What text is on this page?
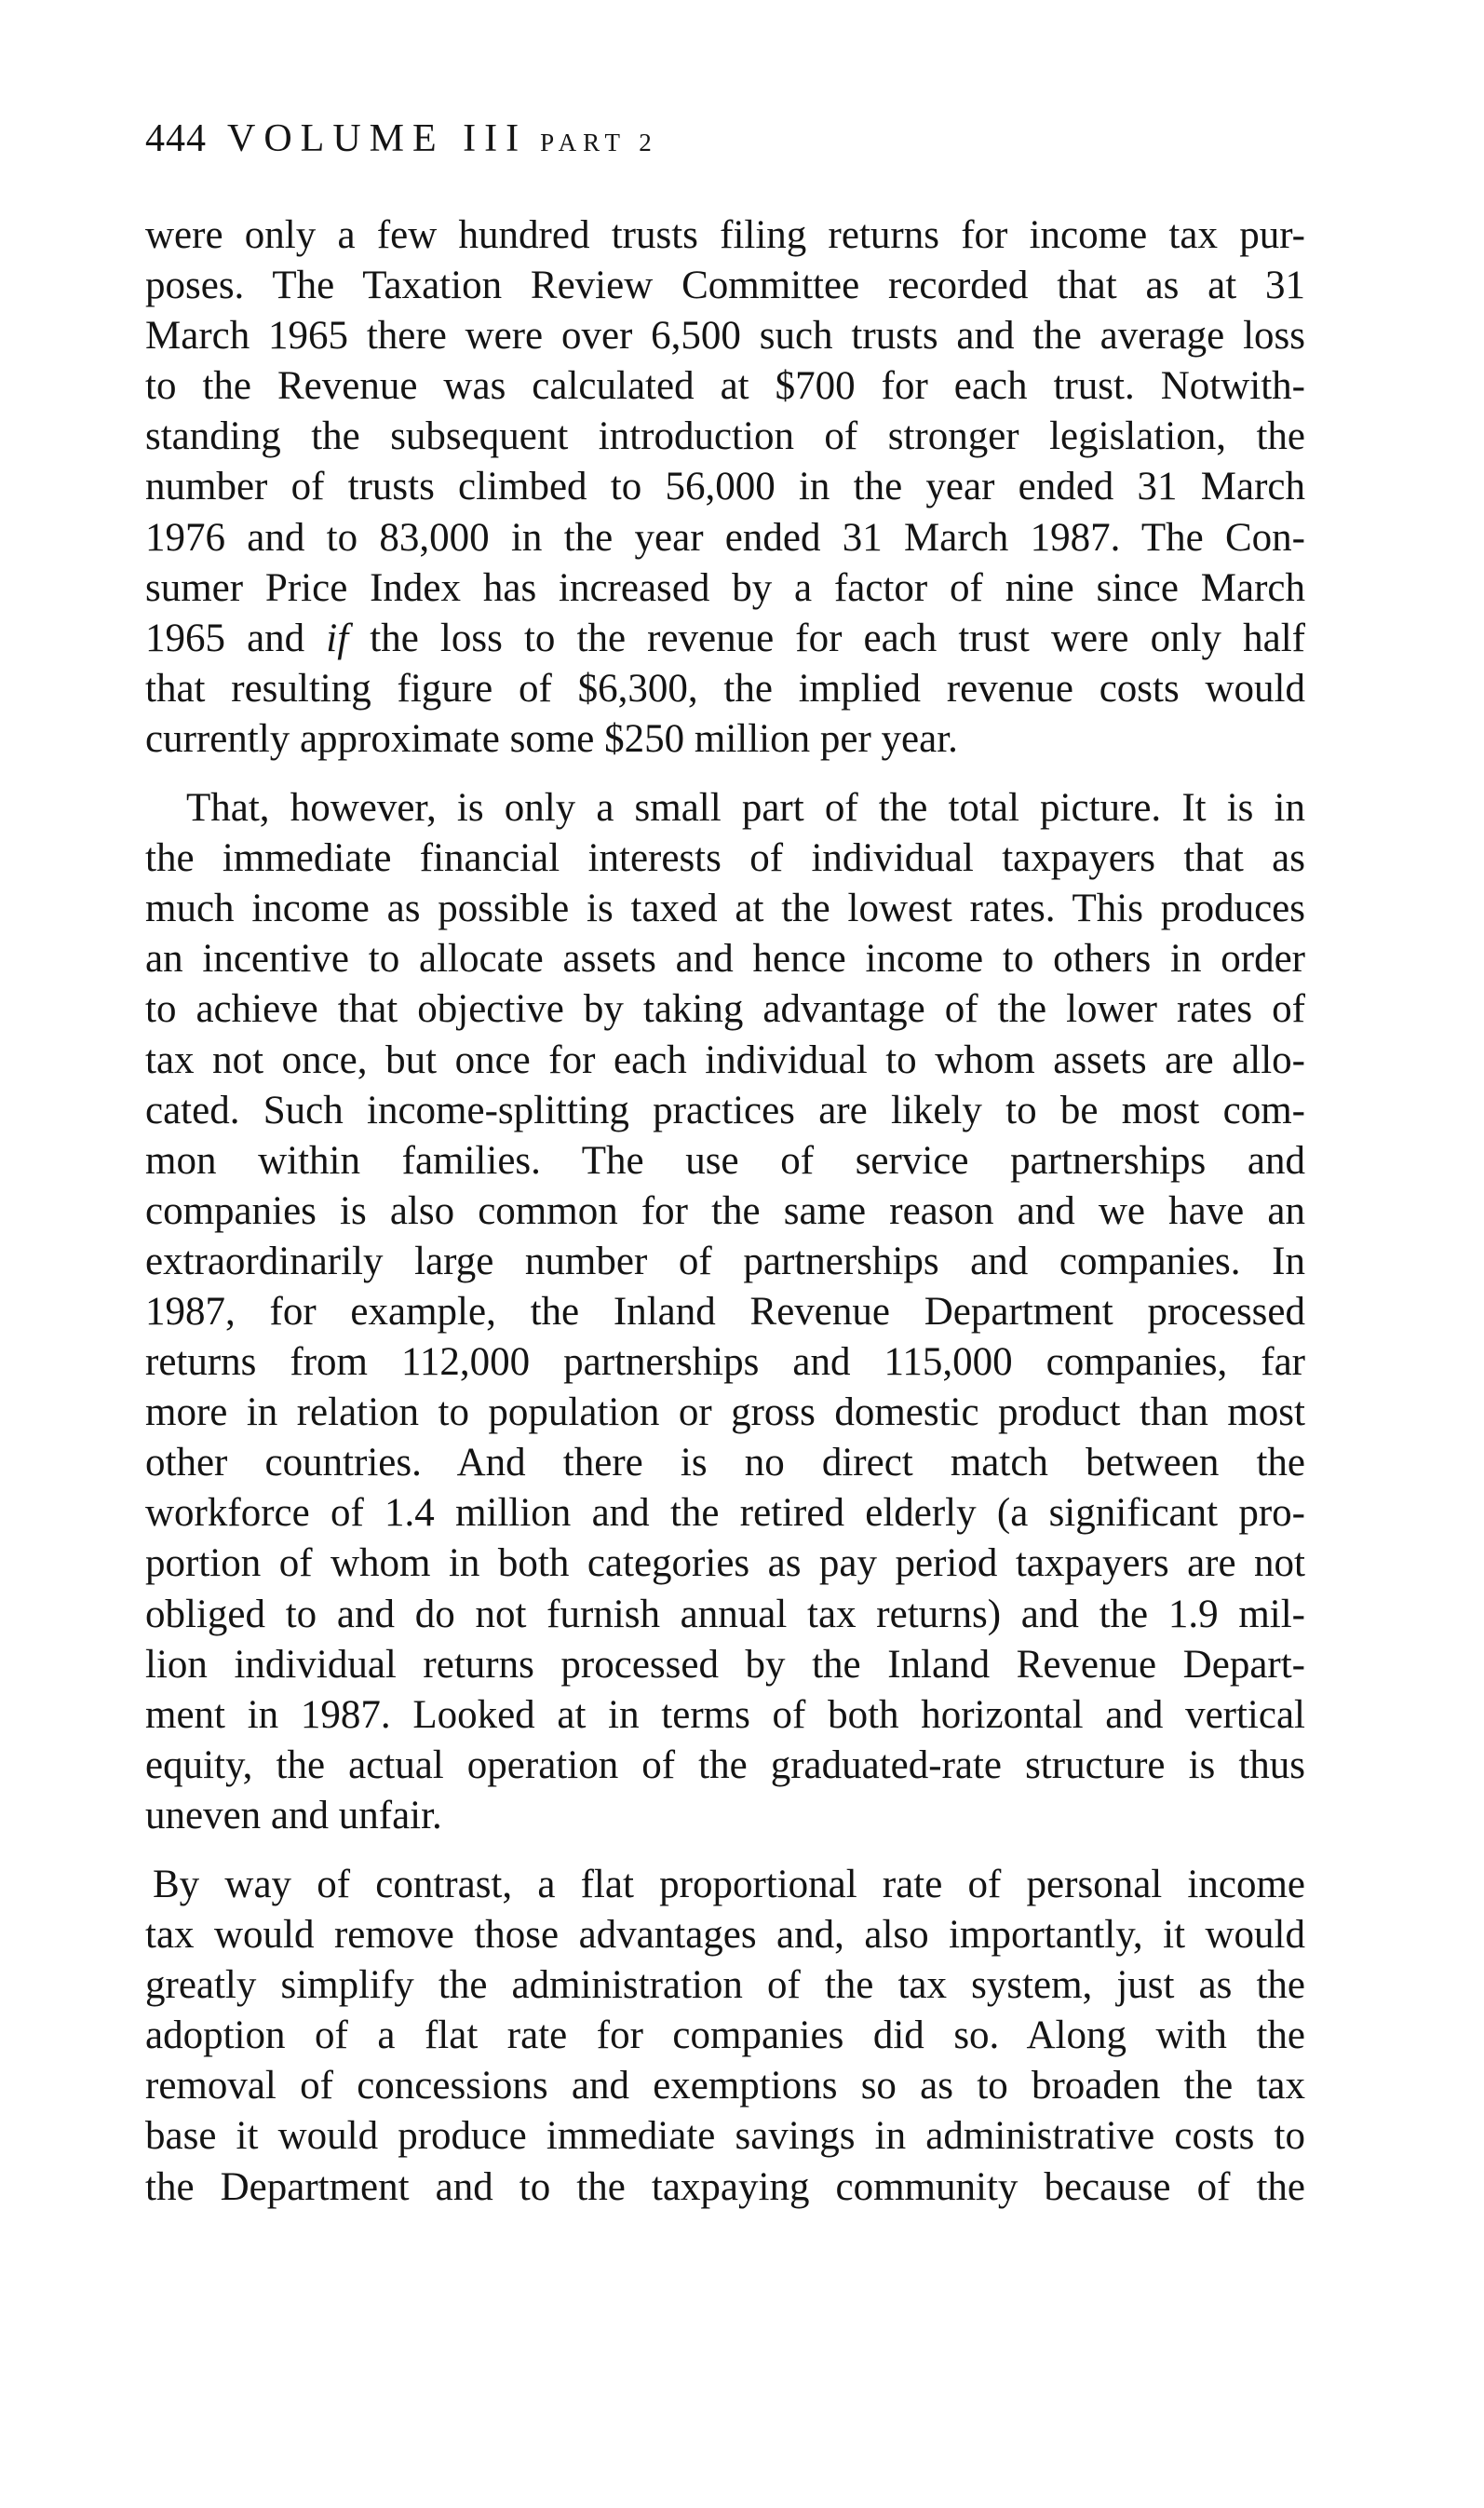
444 VOLUME III PART 2

were only a few hundred trusts filing returns for income tax pur-
poses. The Taxation Review Committee recorded that as at 31
March 1965 there were over 6,500 such trusts and the average loss
to the Revenue was calculated at $700 for each trust. Notwith-
standing the subsequent introduction of stronger legislation, the
number of trusts climbed to 56,000 in the year ended 31 March
1976 and to 83,000 in the year ended 31 March 1987. The Con-
sumer Price Index has increased by a factor of nine since March
1965 and if the loss to the revenue for each trust were only half
that resulting figure of $6,300, the implied revenue costs would
currently approximate some $250 million per year.

That, however, is only a small part of the total picture. It is in
the immediate financial interests of individual taxpayers that as
much income as possible is taxed at the lowest rates. This produces
an incentive to allocate assets and hence income to others in order
to achieve that objective by taking advantage of the lower rates of
tax not once, but once for each individual to whom assets are allo-
cated. Such income-splitting practices are likely to be most com-
mon within families. The use of service partnerships and
companies is also common for the same reason and we have an
extraordinarily large number of partnerships and companies. In
1987, for example, the Inland Revenue Department processed
returns from 112,000 partnerships and 115,000 companies, far
more in relation to population or gross domestic product than most
other countries. And there is no direct match between the
workforce of 1.4 million and the retired elderly (a significant pro-
portion of whom in both categories as pay period taxpayers are not
obliged to and do not furnish annual tax returns) and the 1.9 mil-
lion individual returns processed by the Inland Revenue Depart-
ment in 1987. Looked at in terms of both horizontal and vertical
equity, the actual operation of the graduated-rate structure is thus
uneven and unfair.

By way of contrast, a flat proportional rate of personal income
tax would remove those advantages and, also importantly, it would
greatly simplify the administration of the tax system, just as the
adoption of a flat rate for companies did so. Along with the
removal of concessions and exemptions so as to broaden the tax
base it would produce immediate savings in administrative costs to
the Department and to the taxpaying community because of the
